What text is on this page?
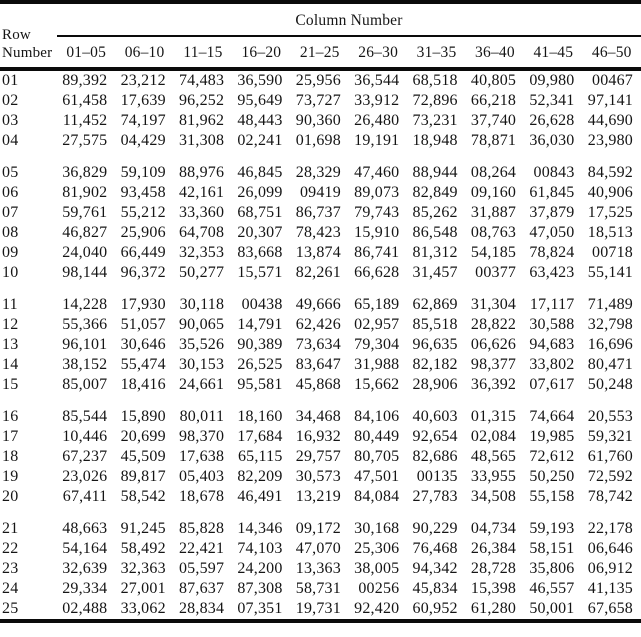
Row
Number	Column Number									
	01–05	06–10	11–15	16–20	21–25	26–30	31–35	36–40	41–45	46–50
01	89,392	23,212	74,483	36,590	25,956	36,544	68,518	40,805	09,980	00467
02	61,458	17,639	96,252	95,649	73,727	33,912	72,896	66,218	52,341	97,141
03	11,452	74,197	81,962	48,443	90,360	26,480	73,231	37,740	26,628	44,690
04	27,575	04,429	31,308	02,241	01,698	19,191	18,948	78,871	36,030	23,980

05	36,829	59,109	88,976	46,845	28,329	47,460	88,944	08,264	00843	84,592
06	81,902	93,458	42,161	26,099	09419	89,073	82,849	09,160	61,845	40,906
07	59,761	55,212	33,360	68,751	86,737	79,743	85,262	31,887	37,879	17,525
08	46,827	25,906	64,708	20,307	78,423	15,910	86,548	08,763	47,050	18,513
09	24,040	66,449	32,353	83,668	13,874	86,741	81,312	54,185	78,824	00718
10	98,144	96,372	50,277	15,571	82,261	66,628	31,457	00377	63,423	55,141

11	14,228	17,930	30,118	00438	49,666	65,189	62,869	31,304	17,117	71,489
12	55,366	51,057	90,065	14,791	62,426	02,957	85,518	28,822	30,588	32,798
13	96,101	30,646	35,526	90,389	73,634	79,304	96,635	06,626	94,683	16,696
14	38,152	55,474	30,153	26,525	83,647	31,988	82,182	98,377	33,802	80,471
15	85,007	18,416	24,661	95,581	45,868	15,662	28,906	36,392	07,617	50,248

16	85,544	15,890	80,011	18,160	34,468	84,106	40,603	01,315	74,664	20,553
17	10,446	20,699	98,370	17,684	16,932	80,449	92,654	02,084	19,985	59,321
18	67,237	45,509	17,638	65,115	29,757	80,705	82,686	48,565	72,612	61,760
19	23,026	89,817	05,403	82,209	30,573	47,501	00135	33,955	50,250	72,592
20	67,411	58,542	18,678	46,491	13,219	84,084	27,783	34,508	55,158	78,742

21	48,663	91,245	85,828	14,346	09,172	30,168	90,229	04,734	59,193	22,178
22	54,164	58,492	22,421	74,103	47,070	25,306	76,468	26,384	58,151	06,646
23	32,639	32,363	05,597	24,200	13,363	38,005	94,342	28,728	35,806	06,912
24	29,334	27,001	87,637	87,308	58,731	00256	45,834	15,398	46,557	41,135
25	02,488	33,062	28,834	07,351	19,731	92,420	60,952	61,280	50,001	67,658
